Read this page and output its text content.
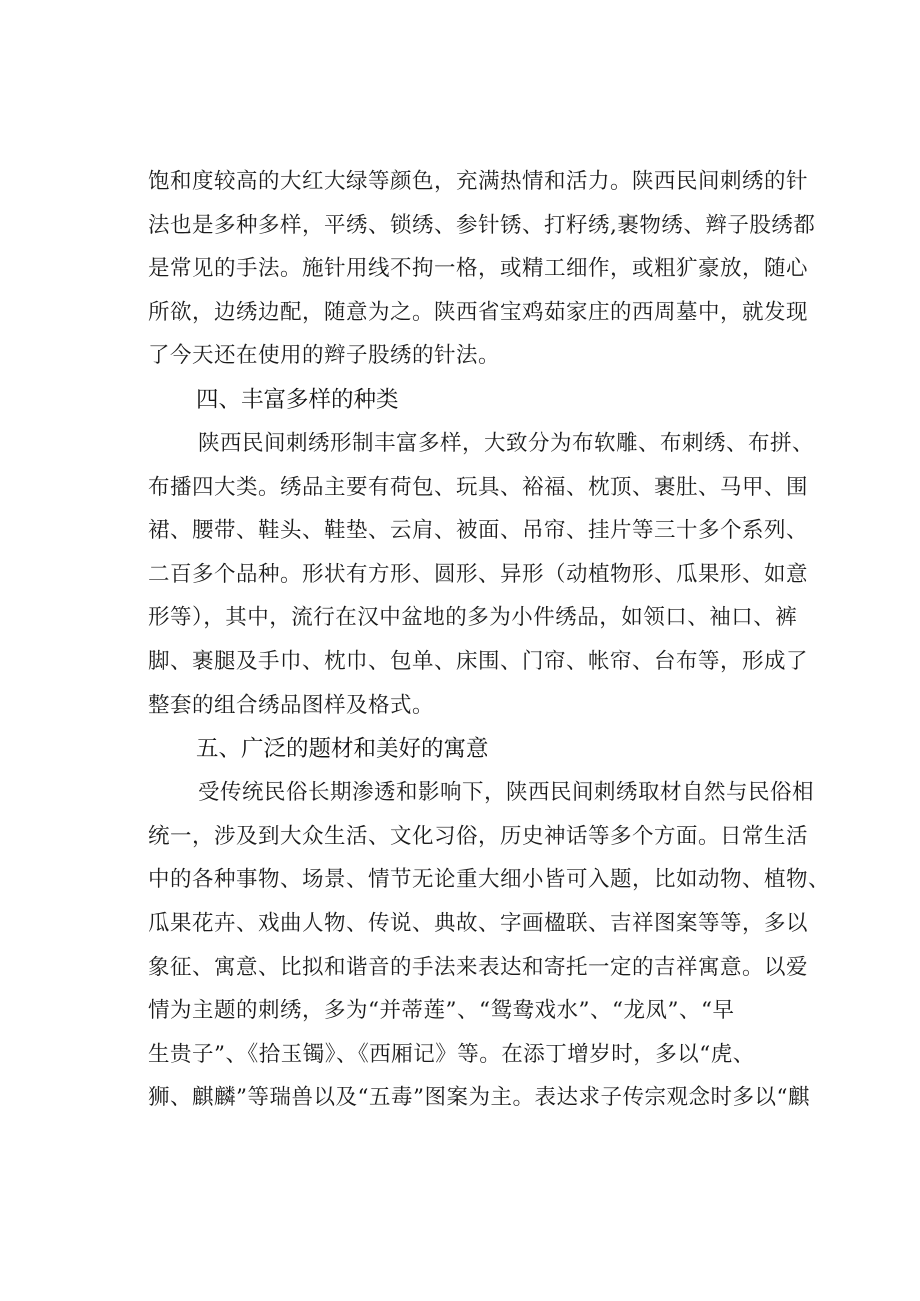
饱和度较高的大红大绿等颜色，充满热情和活力。陕西民间刺绣的针
法也是多种多样，平绣、锁绣、参针锈、打籽绣,裹物绣、辫子股绣都
是常见的手法。施针用线不拘一格，或精工细作，或粗犷豪放，随心
所欲，边绣边配，随意为之。陕西省宝鸡茹家庄的西周墓中，就发现
了今天还在使用的辫子股绣的针法。
四、丰富多样的种类
陕西民间刺绣形制丰富多样，大致分为布软雕、布刺绣、布拼、
布播四大类。绣品主要有荷包、玩具、裕福、枕顶、裹肚、马甲、围
裙、腰带、鞋头、鞋垫、云肩、被面、吊帘、挂片等三十多个系列、
二百多个品种。形状有方形、圆形、异形（动植物形、瓜果形、如意
形等），其中，流行在汉中盆地的多为小件绣品，如领口、袖口、裤
脚、裹腿及手巾、枕巾、包单、床围、门帘、帐帘、台布等，形成了
整套的组合绣品图样及格式。
五、广泛的题材和美好的寓意
受传统民俗长期渗透和影响下，陕西民间刺绣取材自然与民俗相
统一，涉及到大众生活、文化习俗，历史神话等多个方面。日常生活
中的各种事物、场景、情节无论重大细小皆可入题，比如动物、植物、
瓜果花卉、戏曲人物、传说、典故、字画楹联、吉祥图案等等，多以
象征、寓意、比拟和谐音的手法来表达和寄托一定的吉祥寓意。以爱
情为主题的刺绣，多为“并蒂莲”、“鸳鸯戏水”、“龙凤”、“早
生贵子”、《拾玉镯》、《西厢记》等。在添丁增岁时，多以“虎、
狮、麒麟”等瑞兽以及“五毒”图案为主。表达求子传宗观念时多以“麒
